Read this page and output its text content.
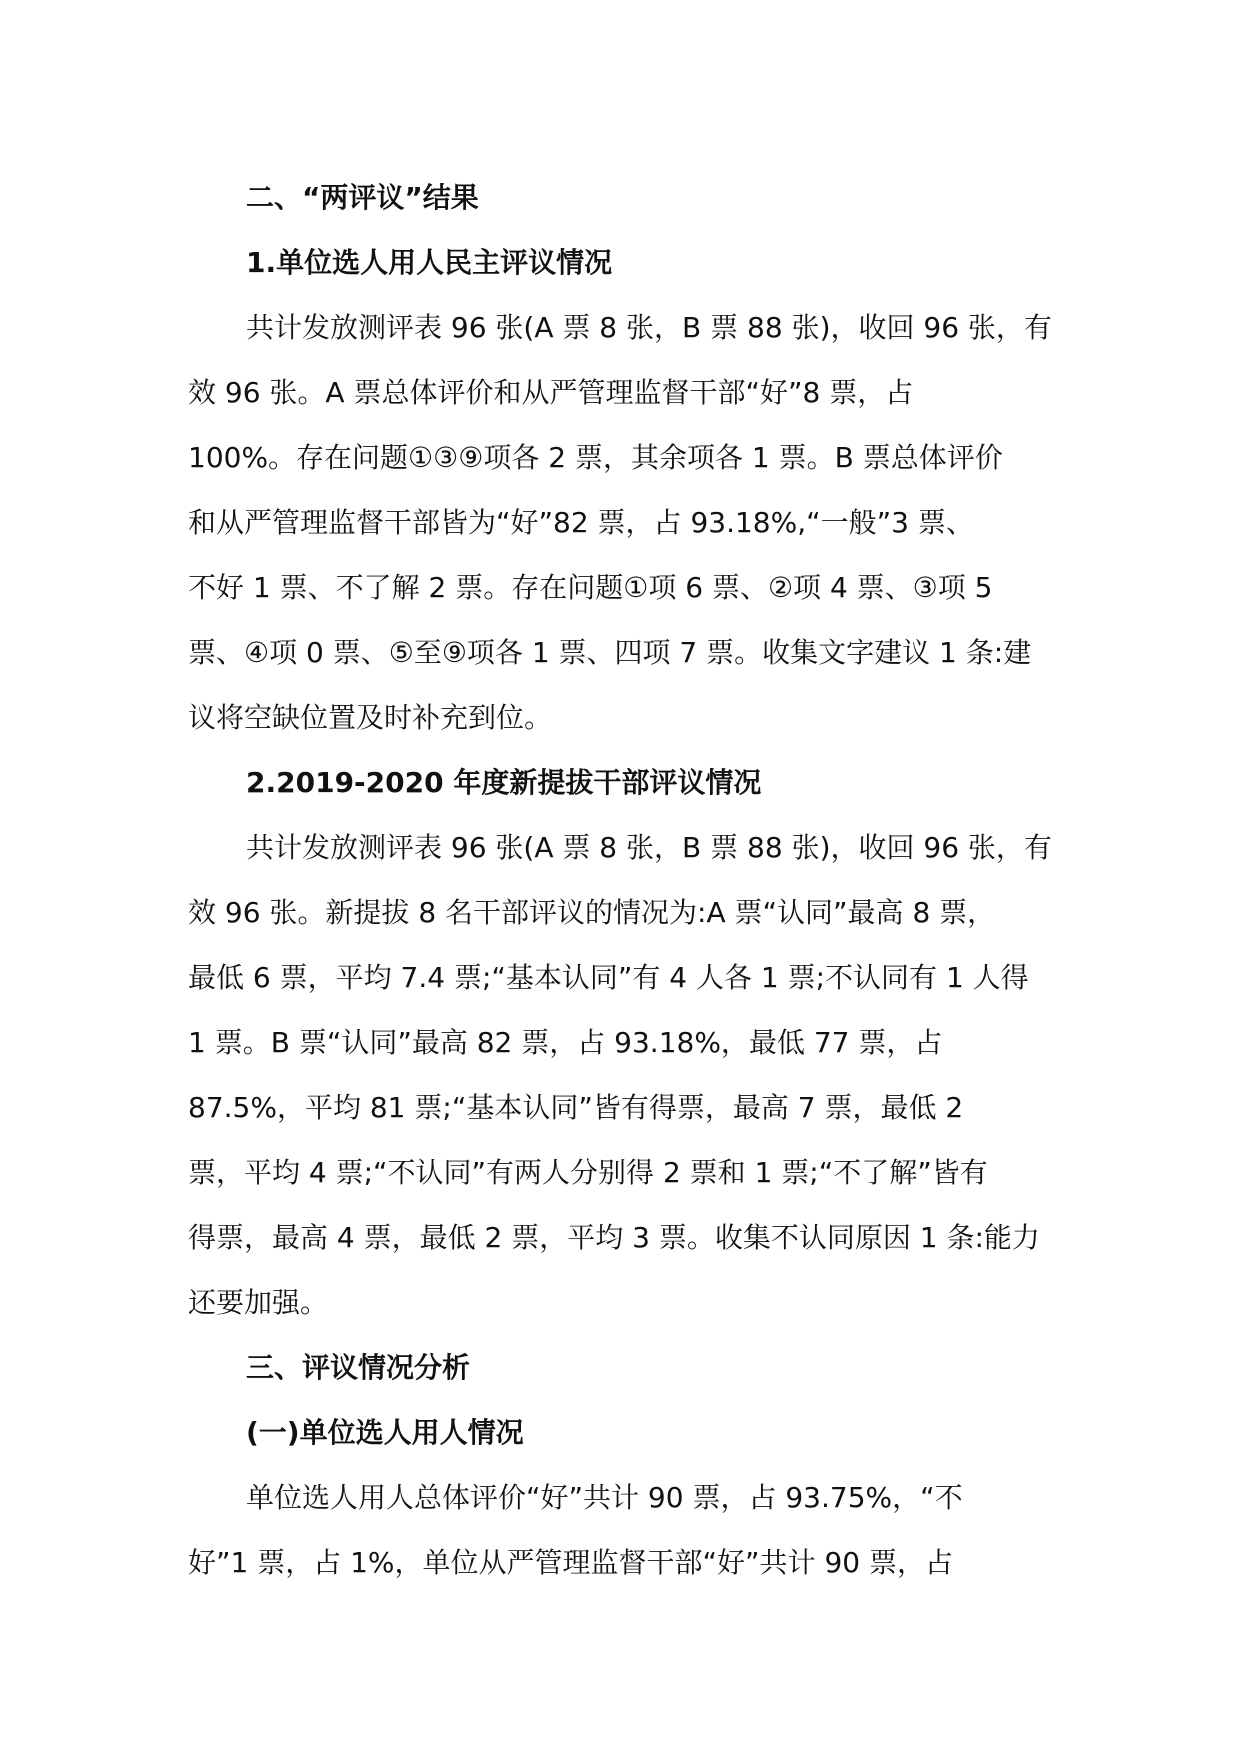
二、“两评议”结果
1.单位选人用人民主评议情况
共计发放测评表 96 张(A 票 8 张，B 票 88 张)，收回 96 张，有
效 96 张。A 票总体评价和从严管理监督干部“好”8 票，占
100%。存在问题①③⑨项各 2 票，其余项各 1 票。B 票总体评价
和从严管理监督干部皆为“好”82 票，占 93.18%,“一般”3 票、
不好 1 票、不了解 2 票。存在问题①项 6 票、②项 4 票、③项 5
票、④项 0 票、⑤至⑨项各 1 票、四项 7 票。收集文字建议 1 条:建
议将空缺位置及时补充到位。
2.2019-2020 年度新提拔干部评议情况
共计发放测评表 96 张(A 票 8 张，B 票 88 张)，收回 96 张，有
效 96 张。新提拔 8 名干部评议的情况为:A 票“认同”最高 8 票，
最低 6 票，平均 7.4 票;“基本认同”有 4 人各 1 票;不认同有 1 人得
1 票。B 票“认同”最高 82 票，占 93.18%，最低 77 票，占
87.5%，平均 81 票;“基本认同”皆有得票，最高 7 票，最低 2
票，平均 4 票;“不认同”有两人分别得 2 票和 1 票;“不了解”皆有
得票，最高 4 票，最低 2 票，平均 3 票。收集不认同原因 1 条:能力
还要加强。
三、评议情况分析
(一)单位选人用人情况
单位选人用人总体评价“好”共计 90 票，占 93.75%，“不
好”1 票，占 1%，单位从严管理监督干部“好”共计 90 票，占
